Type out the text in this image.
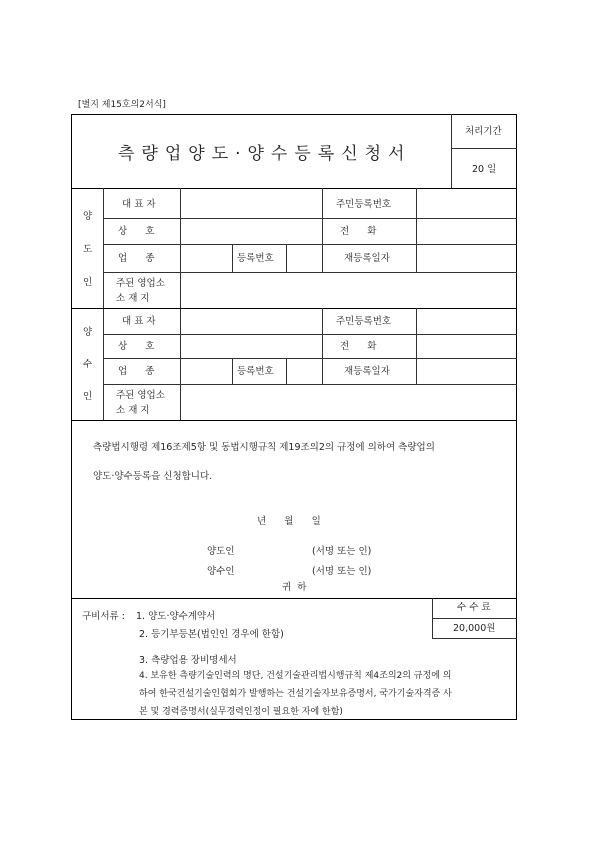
[별지 제15호의2서식]
측량업양도·양수등록신청서
처리기간
20 일
양
도
인
대 표 자	주민등록번호
상      호	전      화
업      종	등록번호	재등록일자
주된 영업소
소 재 지
양
수
인
대 표 자	주민등록번호
상      호	전      화
업      종	등록번호	재등록일자
주된 영업소
소 재 지
측량법시행령 제16조제5항 및 동법시행규칙 제19조의2의 규정에 의하여 측량업의
양도·양수등록을 신청합니다.
년      월      일
양도인	(서명 또는 인)
양수인	(서명 또는 인)
귀  하
수 수 료
20,000원
구비서류 : 1. 양도·양수계약서
2. 등기부등본(법인인 경우에 한함)
3. 측량업용 장비명세서
4. 보유한 측량기술인력의 명단, 건설기술관리법시행규칙 제4조의2의 규정에 의
하여 한국건설기술인협회가 발행하는 건설기술자보유증명서, 국가기술자격증 사
본 및 경력증명서(실무경력인정이 필요한 자에 한함)
